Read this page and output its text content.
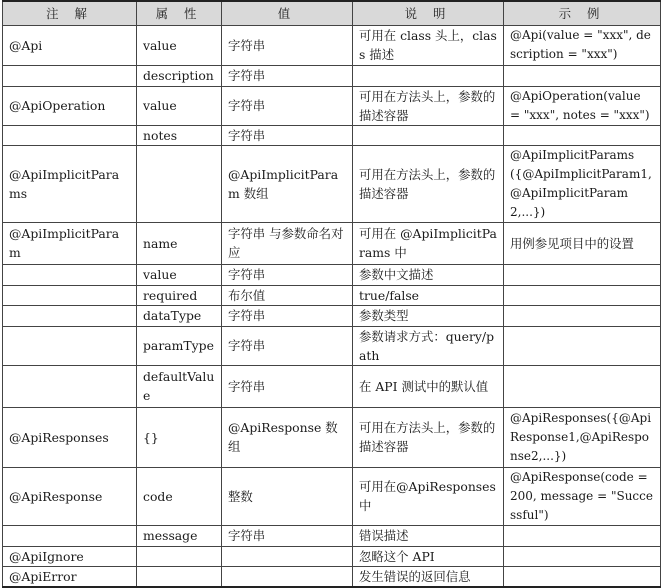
注 解	属 性	值	说 明	示 例
@Api	value	字符串	可用在 class 头上，class 描述	@Api(value = "xxx", description = "xxx")
	description	字符串		
@ApiOperation	value	字符串	可用在方法头上，参数的描述容器	@ApiOperation(value = "xxx", notes = "xxx")
	notes	字符串		
@ApiImplicitParams		@ApiImplicitParam 数组	可用在方法头上，参数的描述容器	@ApiImplicitParams({@ApiImplicitParam1,@ApiImplicitParam2,...})
@ApiImplicitParam	name	字符串 与参数命名对应	可用在 @ApiImplicitParams 中	用例参见项目中的设置
	value	字符串	参数中文描述	
	required	布尔值	true/false	
	dataType	字符串	参数类型	
	paramType	字符串	参数请求方式：query/path	
	defaultValue	字符串	在 API 测试中的默认值	
@ApiResponses	{}	@ApiResponse 数组	可用在方法头上，参数的描述容器	@ApiResponses({@ApiResponse1,@ApiResponse2,...})
@ApiResponse	code	整数	可用在@ApiResponses 中	@ApiResponse(code = 200, message = "Successful")
	message	字符串	错误描述	
@ApiIgnore			忽略这个 API	
@ApiError			发生错误的返回信息	
